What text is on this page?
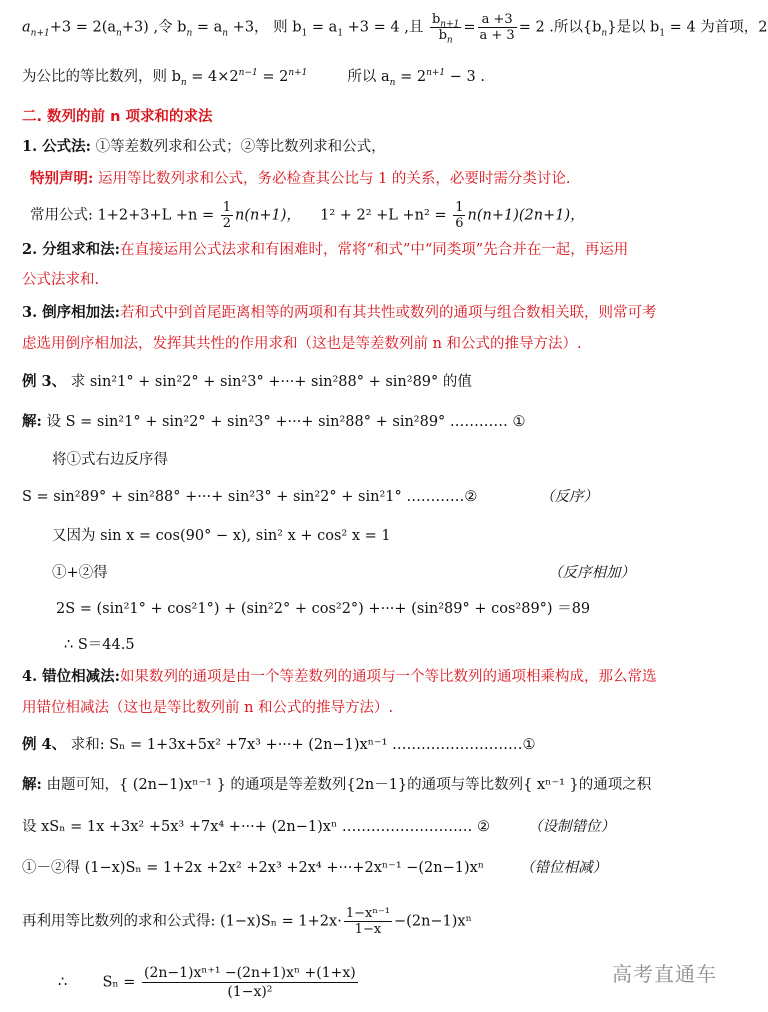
$a_{n+1}+3 = 2(a_n+3)$ ,令 $b_n = a_n +3$， 则 $b_1 = a_1 +3 = 4$ ,且 $\frac{b_{n+1}}{b_n} = \frac{a +3}{a + 3} = 2$ .所以$\{b_n\}$是以 $b_1 = 4$ 为首项，2
为公比的等比数列，则 $b_n = 4\times 2^{n-1} = 2^{n+1}$	所以 $a_n = 2^{n+1} - 3$ .
二. 数列的前 n 项求和的求法
1. 公式法: ①等差数列求和公式；②等比数列求和公式，
特别声明: 运用等比数列求和公式，务必检查其公比与 1 的关系，必要时需分类讨论.
常用公式: $1+2+3+L +n = \frac{1}{2} n(n+1)$， $1^2 + 2^2 +L +n^2 = \frac{1}{6} n(n+1)(2n+1)$，
2. 分组求和法:在直接运用公式法求和有困难时，常将“和式”中“同类项”先合并在一起，再运用
公式法求和.
3. 倒序相加法:若和式中到首尾距离相等的两项和有其共性或数列的通项与组合数相关联，则常可考
虑选用倒序相加法，发挥其共性的作用求和（这也是等差数列前 n 和公式的推导方法）.
例 3、 求 sin²1° + sin²2° + sin²3° +···+ sin²88° + sin²89° 的值
解: 设 S = sin²1° + sin²2° + sin²3° +···+ sin²88° + sin²89° ………… ①
将①式右边反序得
S = sin²89° + sin²88° +···+ sin²3° + sin²2° + sin²1° …………②	（反序）
又因为 sin x = cos(90° − x), sin² x + cos² x = 1
①+②得	（反序相加）
2S = (sin²1° + cos²1°) + (sin²2° + cos²2°) +···+ (sin²89° + cos²89°) ＝89
∴ S＝44.5
4. 错位相减法:如果数列的通项是由一个等差数列的通项与一个等比数列的通项相乘构成，那么常选
用错位相减法（这也是等比数列前 n 和公式的推导方法）.
例 4、 求和: Sₙ = 1+3x+5x² +7x³ +···+ (2n−1)xⁿ⁻¹ ………………………①
解: 由题可知，{ (2n−1)xⁿ⁻¹ } 的通项是等差数列{2n－1}的通项与等比数列{ xⁿ⁻¹ }的通项之积
设 xSₙ = 1x +3x² +5x³ +7x⁴ +···+ (2n−1)xⁿ ……………………… ②	（设制错位）
①－②得 (1−x)Sₙ = 1+2x +2x² +2x³ +2x⁴ +···+2xⁿ⁻¹ −(2n−1)xⁿ （错位相减）
再利用等比数列的求和公式得: $(1-x)S_n = 1+2x\cdot \frac{\text{1−xⁿ⁻¹}}{1-x} -(2n-1)x^n$
∴ $S_n = \frac{\text{(2n−1)xⁿ⁺¹ −(2n+1)xⁿ +(1+x)}}{\text{(1−x)²}}$	高考直通车
